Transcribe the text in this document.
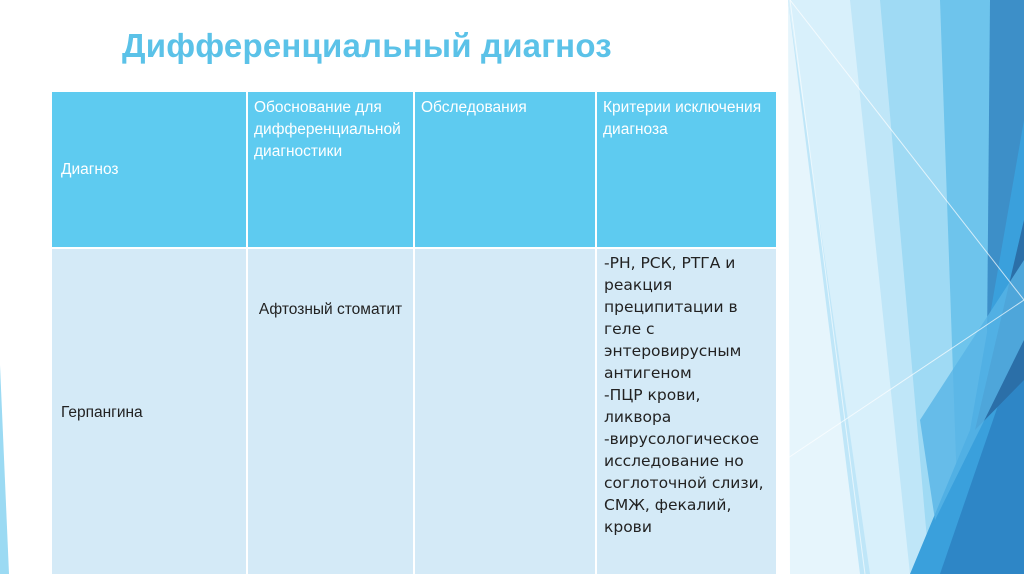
Дифференциальный диагноз
Диагноз	Обоснование для дифференциальной диагностики	Обследования	Критерии исключения диагноза
Герпангина	Афтозный стоматит		-РН, РСК, РТГА и реакция преципитации в геле с энтеровирусным антигеном
-ПЦР крови, ликвора
-вирусологическое исследование но соглоточной слизи, СМЖ, фекалий, крови
